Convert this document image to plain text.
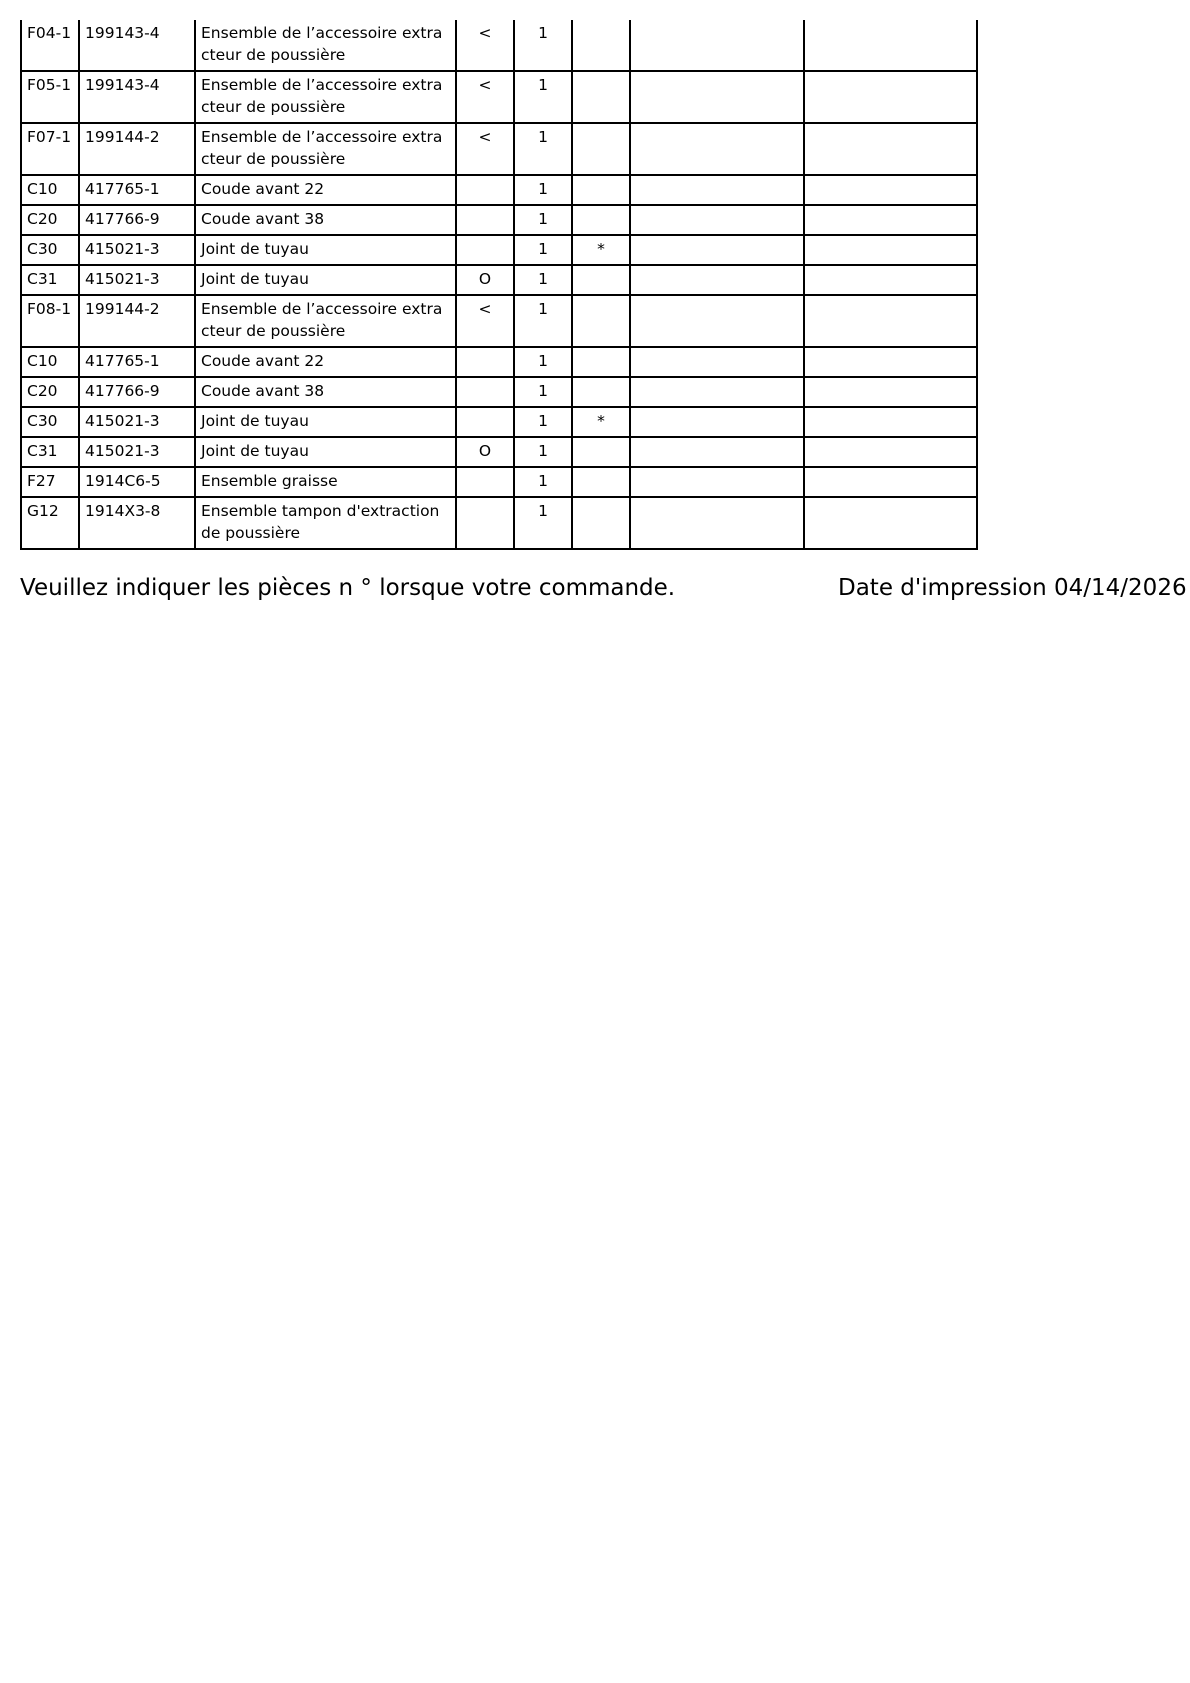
F04-1	199143-4	Ensemble de l’accessoire extracteur de poussière	<	1			

F05-1	199143-4	Ensemble de l’accessoire extracteur de poussière	<	1			

F07-1	199144-2	Ensemble de l’accessoire extracteur de poussière	<	1			

C10	417765-1	Coude avant 22		1			

C20	417766-9	Coude avant 38		1			

C30	415021-3	Joint de tuyau		1	*		

C31	415021-3	Joint de tuyau	O	1			

F08-1	199144-2	Ensemble de l’accessoire extracteur de poussière	<	1			

C10	417765-1	Coude avant 22		1			

C20	417766-9	Coude avant 38		1			

C30	415021-3	Joint de tuyau		1	*		

C31	415021-3	Joint de tuyau	O	1			

F27	1914C6-5	Ensemble graisse		1			

G12	1914X3-8	Ensemble tampon d'extraction de poussière		1			

Veuillez indiquer les pièces n ° lorsque votre commande.	Date d'impression 04/14/2026
